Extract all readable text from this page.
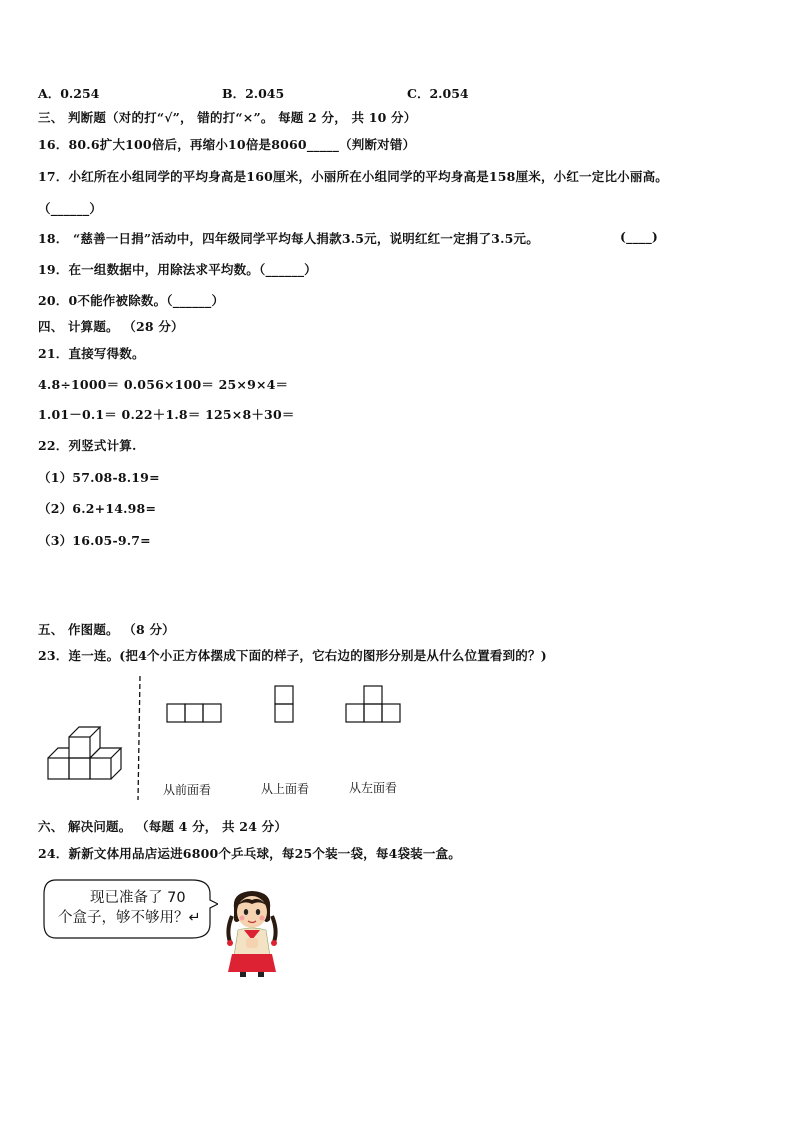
A．0.254	B．2.045	C．2.054
三、 判断题（对的打“√”， 错的打“×”。 每题 2 分， 共 10 分）
16．80.6扩大100倍后，再缩小10倍是8060_____（判断对错）
17．小红所在小组同学的平均身高是160厘米，小丽所在小组同学的平均身高是158厘米，小红一定比小丽高。
（______）
18． “慈善一日捐”活动中，四年级同学平均每人捐款3.5元，说明红红一定捐了3.5元。	(____)
19．在一组数据中，用除法求平均数。（______）
20．0不能作被除数。（______）
四、 计算题。 （28 分）
21．直接写得数。
4.8÷1000＝ 0.056×100＝ 25×9×4＝
1.01－0.1＝ 0.22＋1.8＝ 125×8＋30＝
22．列竖式计算.
（1）57.08-8.19=
（2）6.2+14.98=
（3）16.05-9.7=
五、 作图题。 （8 分）
23．连一连。(把4个小正方体摆成下面的样子，它右边的图形分别是从什么位置看到的？)
从前面看	从上面看	从左面看
六、 解决问题。 （每题 4 分， 共 24 分）
24．新新文体用品店运进6800个乒乓球，每25个装一袋，每4袋装一盒。
现已准备了 70
个盒子，够不够用？↵
